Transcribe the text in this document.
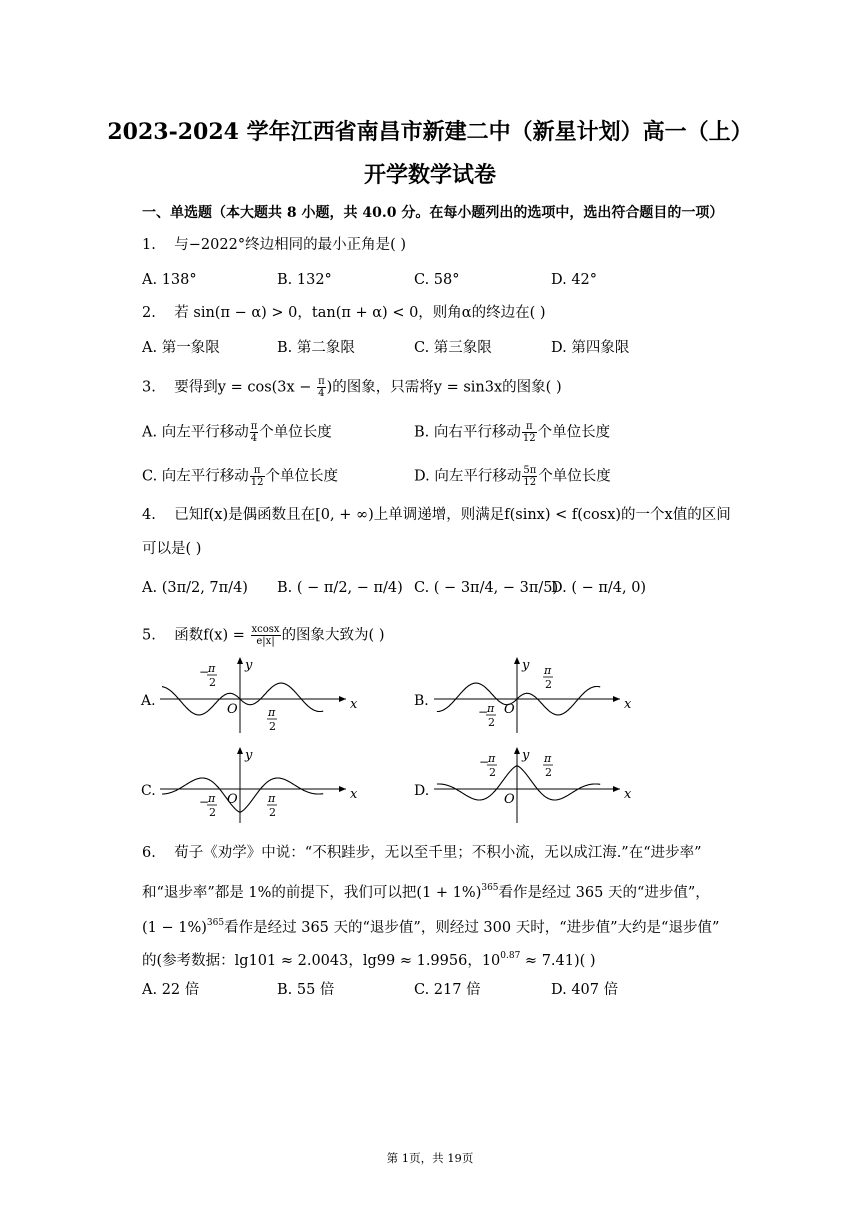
2023-2024 学年江西省南昌市新建二中（新星计划）高一（上）
开学数学试卷
一、单选题（本大题共 8 小题，共 40.0 分。在每小题列出的选项中，选出符合题目的一项）
1. 与−2022°终边相同的最小正角是( )
A. 138°	B. 132°	C. 58°	D. 42°
2. 若 sin(π − α) > 0，tan(π + α) < 0，则角α的终边在( )
A. 第一象限	B. 第二象限	C. 第三象限	D. 第四象限
3. 要得到$y = \cos(3x - \frac{\pi}{4}$ )的图象，只需将y = sin3x的图象( )
A. 向左平行移动 $\frac{\pi}{4}$ 个单位长度	B. 向右平行移动 $\frac{\pi}{12}$ 个单位长度
C. 向左平行移动 $\frac{\pi}{12}$ 个单位长度	D. 向左平行移动 $\frac{5\pi}{12}$ 个单位长度
4. 已知f(x)是偶函数且在[0, + ∞)上单调递增，则满足f(sinx) < f(cosx)的一个x值的区间
可以是( )
A. (3π/2, 7π/4) B. ( − π/2, − π/4) C. ( − 3π/4, − 3π/5)
D. ( − π/4, 0)
5. 函数$f(x) = \frac{xcosx}{e|x|}$ 的图象大致为( )
A.	B.
C.	D.
x
y
O
−
π
2
π
2
x
y
O
π
2
−
π
2
x
y
O
−
π
2
π
2
x
y
O
−
π
2
π
2
6. 荀子《劝学》中说：“不积跬步，无以至千里；不积小流，无以成江海.”在“进步率”
和“退步率”都是 1%的前提下，我们可以把$(1 + 1\%)^{365}$看作是经过 365 天的“进步值”，
$(1 - 1\%)^{365}$看作是经过 365 天的“退步值”，则经过 300 天时，“进步值”大约是“退步值”
的(参考数据：lg101 ≈ 2.0043，lg99 ≈ 1.9956，$10^{0.87} \approx 7.41$)( )
A. 22 倍	B. 55 倍	C. 217 倍	D. 407 倍
第 1页，共 19页
